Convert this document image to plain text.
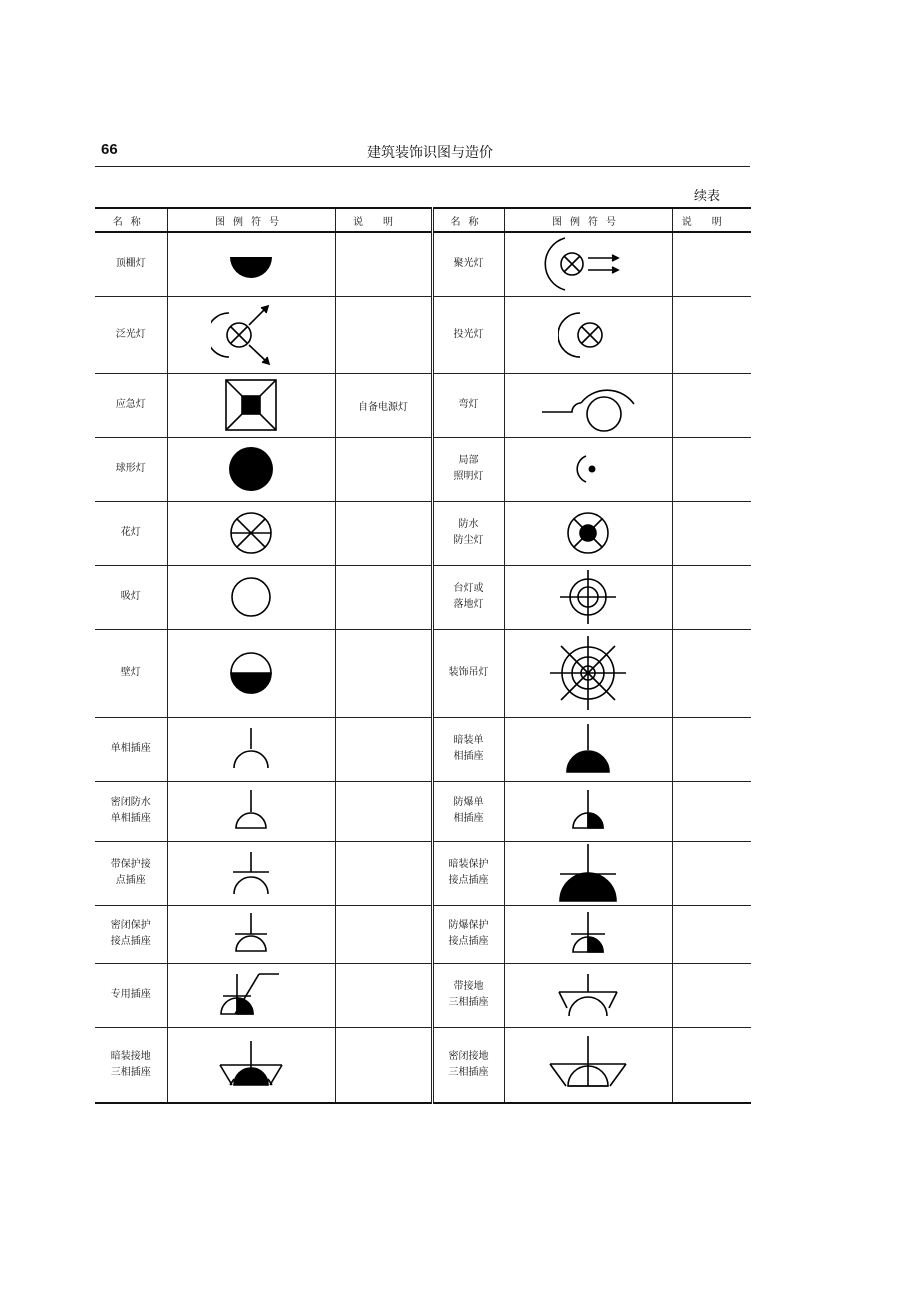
66	建筑装饰识图与造价
续表
名称	图例符号	说明	名称	图例符号	说明
顶棚灯			聚光灯	

泛光灯			投光灯	

应急灯		自备电源灯	弯灯	

球形灯			局部
照明灯	

花灯			防水
防尘灯	

吸灯			台灯或
落地灯	

壁灯			装饰吊灯	

单相插座			暗装单
相插座	

密闭防水
单相插座			防爆单
相插座	

带保护接
点插座			暗装保护
接点插座	

密闭保护
接点插座			防爆保护
接点插座	

专用插座			带接地
三相插座	

暗装接地
三相插座			密闭接地
三相插座	
